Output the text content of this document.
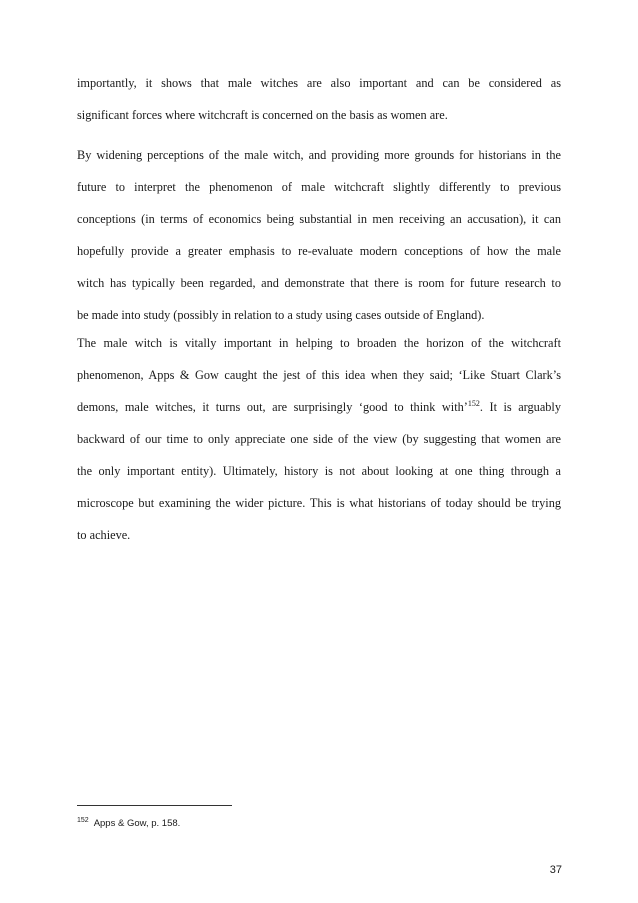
importantly, it shows that male witches are also important and can be considered as
significant forces where witchcraft is concerned on the basis as women are.
By widening perceptions of the male witch, and providing more grounds for historians in the
future to interpret the phenomenon of male witchcraft slightly differently to previous
conceptions (in terms of economics being substantial in men receiving an accusation), it can
hopefully provide a greater emphasis to re-evaluate modern conceptions of how the male
witch has typically been regarded, and demonstrate that there is room for future research to
be made into study (possibly in relation to a study using cases outside of England).
The male witch is vitally important in helping to broaden the horizon of the witchcraft
phenomenon, Apps & Gow caught the jest of this idea when they said; ‘Like Stuart Clark’s
demons, male witches, it turns out, are surprisingly ‘good to think with’$^{152}$. It is arguably
backward of our time to only appreciate one side of the view (by suggesting that women are
the only important entity). Ultimately, history is not about looking at one thing through a
microscope but examining the wider picture. This is what historians of today should be trying
to achieve.
$^{152}$ Apps & Gow, p. 158.
37
